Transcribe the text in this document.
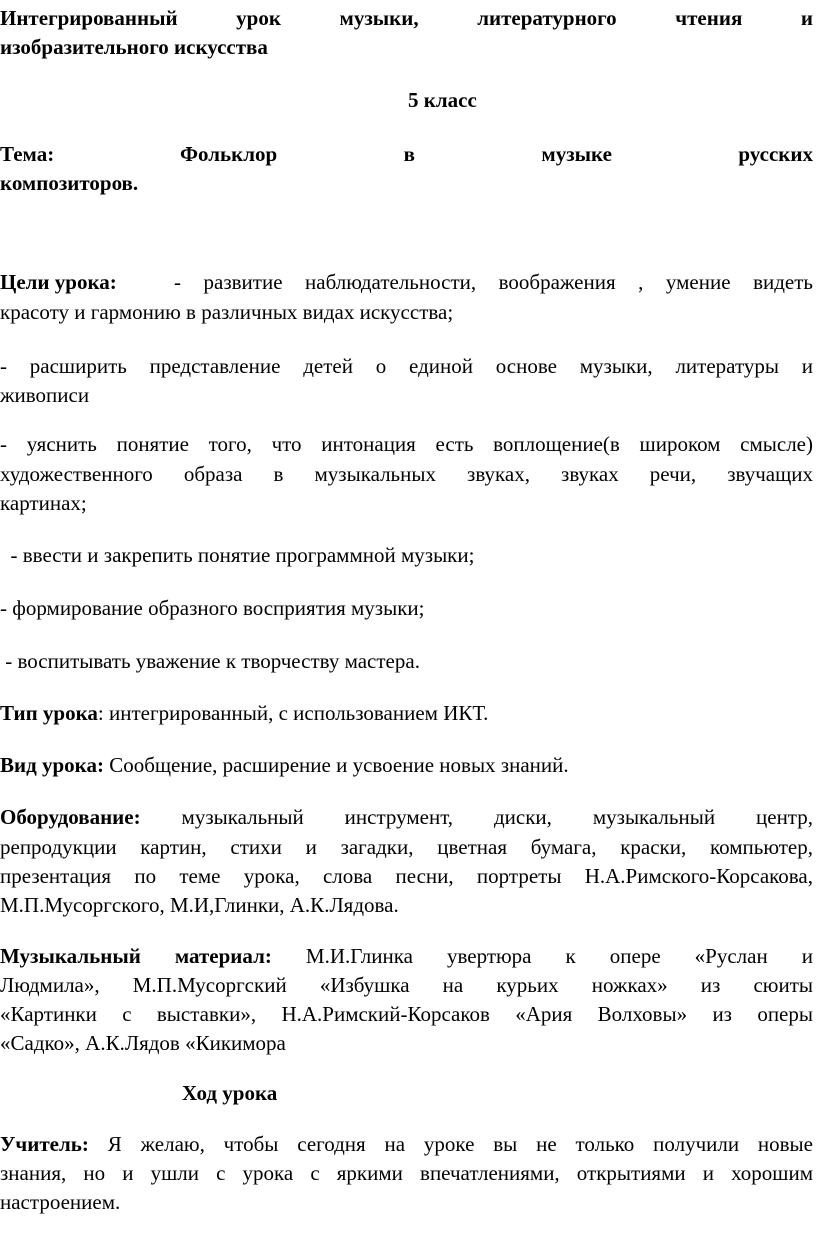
Интегрированный урок музыки, литературного чтения и
изобразительного искусства
5 класс
Тема:	Фольклор в музыке русских
композиторов.
Цели урока:	- развитие наблюдательности, воображения , умение видеть
красоту и гармонию в различных видах искусства;
- расширить представление детей о единой основе музыки, литературы и
живописи
- уяснить понятие того, что интонация есть воплощение(в широком смысле)
художественного образа в музыкальных звуках, звуках речи, звучащих
картинах;
- ввести и закрепить понятие программной музыки;
- формирование образного восприятия музыки;
- воспитывать уважение к творчеству мастера.
Тип урока: интегрированный, с использованием ИКТ.
Вид урока: Сообщение, расширение и усвоение новых знаний.
Оборудование: музыкальный инструмент, диски, музыкальный центр,
репродукции картин, стихи и загадки, цветная бумага, краски, компьютер,
презентация по теме урока, слова песни, портреты Н.А.Римского-Корсакова,
М.П.Мусоргского, М.И,Глинки, А.К.Лядова.
Музыкальный материал: М.И.Глинка увертюра к опере «Руслан и
Людмила», М.П.Мусоргский «Избушка на курьих ножках» из сюиты
«Картинки с выставки», Н.А.Римский-Корсаков «Ария Волховы» из оперы
«Садко», А.К.Лядов «Кикимора
Ход урока
Учитель: Я желаю, чтобы сегодня на уроке вы не только получили новые
знания, но и ушли с урока с яркими впечатлениями, открытиями и хорошим
настроением.
